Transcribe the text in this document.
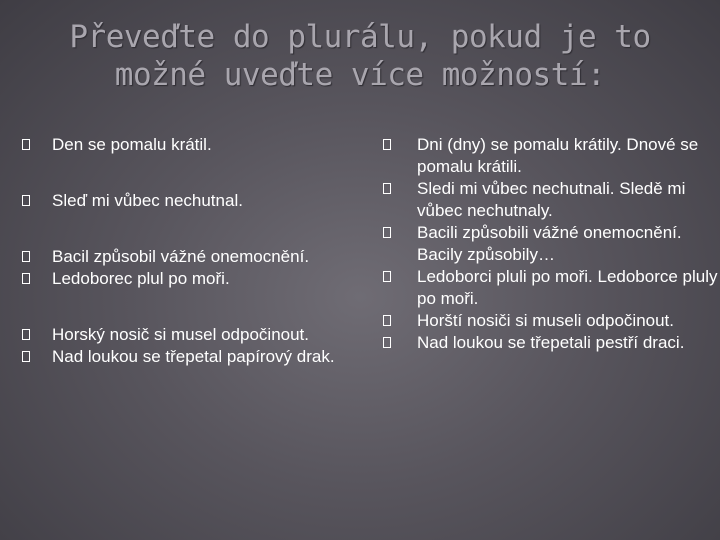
Převeďte do plurálu, pokud je to
možné uveďte více možností:
Den se pomalu krátil.
Sleď mi vůbec nechutnal.
Bacil způsobil vážné onemocnění.
Ledoborec plul po moři.
Horský nosič si musel odpočinout.
Nad loukou se třepetal papírový drak.
Dni (dny) se pomalu krátily. Dnové se pomalu krátili.
Sledi mi vůbec nechutnali. Sledě mi vůbec nechutnaly.
Bacili způsobili vážné onemocnění. Bacily způsobily…
Ledoborci pluli po moři. Ledoborce pluly po moři.
Horští nosiči si museli odpočinout.
Nad loukou se třepetali pestří draci.
